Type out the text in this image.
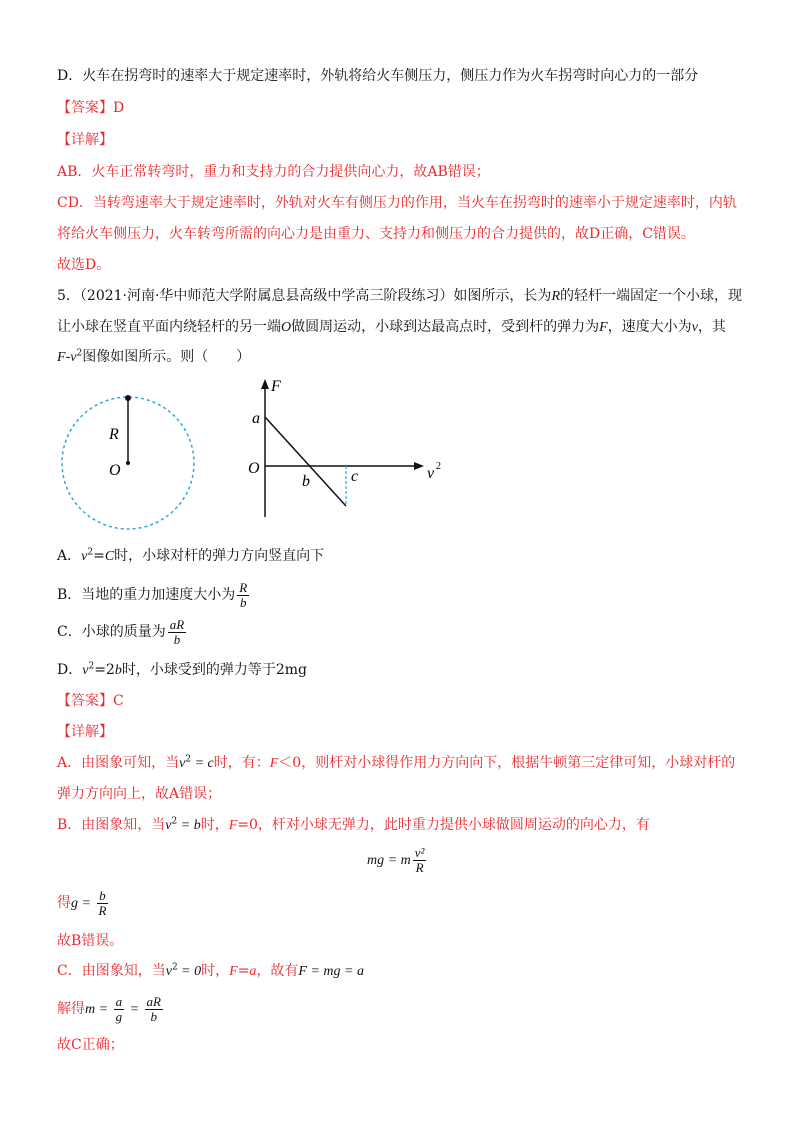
D．火车在拐弯时的速率大于规定速率时，外轨将给火车侧压力，侧压力作为火车拐弯时向心力的一部分
【答案】D
【详解】
AB．火车正常转弯时，重力和支持力的合力提供向心力，故AB错误；
CD．当转弯速率大于规定速率时，外轨对火车有侧压力的作用，当火车在拐弯时的速率小于规定速率时，内轨
将给火车侧压力，火车转弯所需的向心力是由重力、支持力和侧压力的合力提供的，故D正确，C错误。
故选D。
5．（2021·河南·华中师范大学附属息县高级中学高三阶段练习）如图所示，长为R的轻杆一端固定一个小球，现
让小球在竖直平面内绕轻杆的另一端O做圆周运动，小球到达最高点时，受到杆的弹力为F，速度大小为v，其
$F-v^2$图像如图所示。则（　　）
R
O
F
a
O
b	c	v 2
A．$v^2=C$时，小球对杆的弹力方向竖直向下
B．当地的重力加速度大小为 $\frac{R}{b}$
C．小球的质量为 $\frac{aR}{b}$
D．$v^2=2b$时，小球受到的弹力等于2mg
【答案】C
【详解】
A．由图象可知，当$v^2 = c$时，有：F＜0，则杆对小球得作用力方向向下，根据牛顿第三定律可知，小球对杆的
弹力方向向上，故A错误；
B．由图象知，当$v^2 = b$时，F=0，杆对小球无弹力，此时重力提供小球做圆周运动的向心力，有
mg = m $\frac{\text{v²}}{R}$
得$g = \frac{b}{R}$
故B错误。
C．由图象知，当$v^2 = 0$时，F=a，故有F = mg = a
解得$m = \frac{a}{g} = \frac{aR}{b}$
故C正确；
